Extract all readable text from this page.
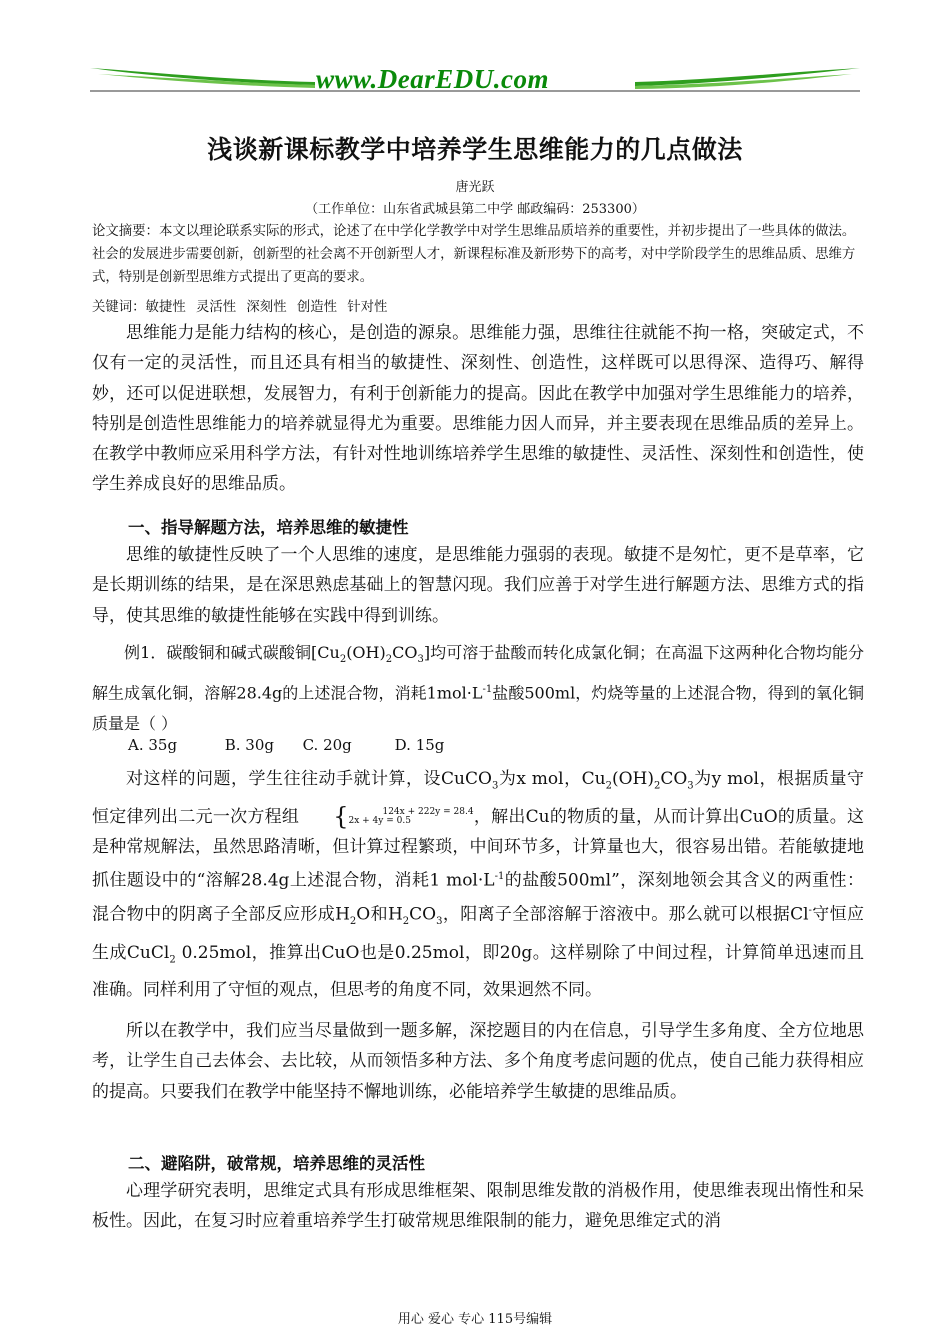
www.DearEDU.com
浅谈新课标教学中培养学生思维能力的几点做法
唐光跃
（工作单位：山东省武城县第二中学 邮政编码：253300）
论文摘要：本文以理论联系实际的形式，论述了在中学化学教学中对学生思维品质培养的重要性，并初步提出了一些具体的做法。社会的发展进步需要创新，创新型的社会离不开创新型人才，新课程标准及新形势下的高考，对中学阶段学生的思维品质、思维方式，特别是创新型思维方式提出了更高的要求。
关键词：敏捷性 灵活性 深刻性 创造性 针对性
思维能力是能力结构的核心，是创造的源泉。思维能力强，思维往往就能不拘一格，突破定式，不仅有一定的灵活性，而且还具有相当的敏捷性、深刻性、创造性，这样既可以思得深、造得巧、解得妙，还可以促进联想，发展智力，有利于创新能力的提高。因此在教学中加强对学生思维能力的培养，特别是创造性思维能力的培养就显得尤为重要。思维能力因人而异，并主要表现在思维品质的差异上。在教学中教师应采用科学方法，有针对性地训练培养学生思维的敏捷性、灵活性、深刻性和创造性，使学生养成良好的思维品质。
一、指导解题方法，培养思维的敏捷性
思维的敏捷性反映了一个人思维的速度，是思维能力强弱的表现。敏捷不是匆忙，更不是草率，它是长期训练的结果，是在深思熟虑基础上的智慧闪现。我们应善于对学生进行解题方法、思维方式的指导，使其思维的敏捷性能够在实践中得到训练。
例1．碳酸铜和碱式碳酸铜$[Cu_2(OH)_2CO_3]$均可溶于盐酸而转化成氯化铜；在高温下这两种化合物均能分解生成氧化铜，溶解28.4g的上述混合物，消耗$1mol\cdot L^{-1}$盐酸500ml，灼烧等量的上述混合物，得到的氧化铜质量是（ ）
A. 35g          B. 30g      C. 20g         D. 15g
对这样的问题，学生往往动手就计算，设CuCO$_3$为x mol，$Cu_2(OH)_2CO_3$为y mol，根据质量守恒定律列出二元一次方程组 {	124x + 222y = 28.4
2x + 4y = 0.5	，解出Cu的物质的量，从而计算出CuO的质量。这是种常规解法，虽然思路清晰，但计算过程繁琐，中间环节多，计算量也大，很容易出错。若能敏捷地抓住题设中的“溶解28.4g上述混合物，消耗1 $mol\cdot L^{-1}$的盐酸500ml”，深刻地领会其含义的两重性：混合物中的阴离子全部反应形成$H_2O$和$H_2CO_3$，阳离子全部溶解于溶液中。那么就可以根据Cl-守恒应生成CuCl$_2$ 0.25mol，推算出CuO也是0.25mol，即20g。这样剔除了中间过程，计算简单迅速而且准确。同样利用了守恒的观点，但思考的角度不同，效果迥然不同。
所以在教学中，我们应当尽量做到一题多解，深挖题目的内在信息，引导学生多角度、全方位地思考，让学生自己去体会、去比较，从而领悟多种方法、多个角度考虑问题的优点，使自己能力获得相应的提高。只要我们在教学中能坚持不懈地训练，必能培养学生敏捷的思维品质。
二、避陷阱，破常规，培养思维的灵活性
心理学研究表明，思维定式具有形成思维框架、限制思维发散的消极作用，使思维表现出惰性和呆板性。因此，在复习时应着重培养学生打破常规思维限制的能力，避免思维定式的消
用心 爱心 专心 115号编辑
